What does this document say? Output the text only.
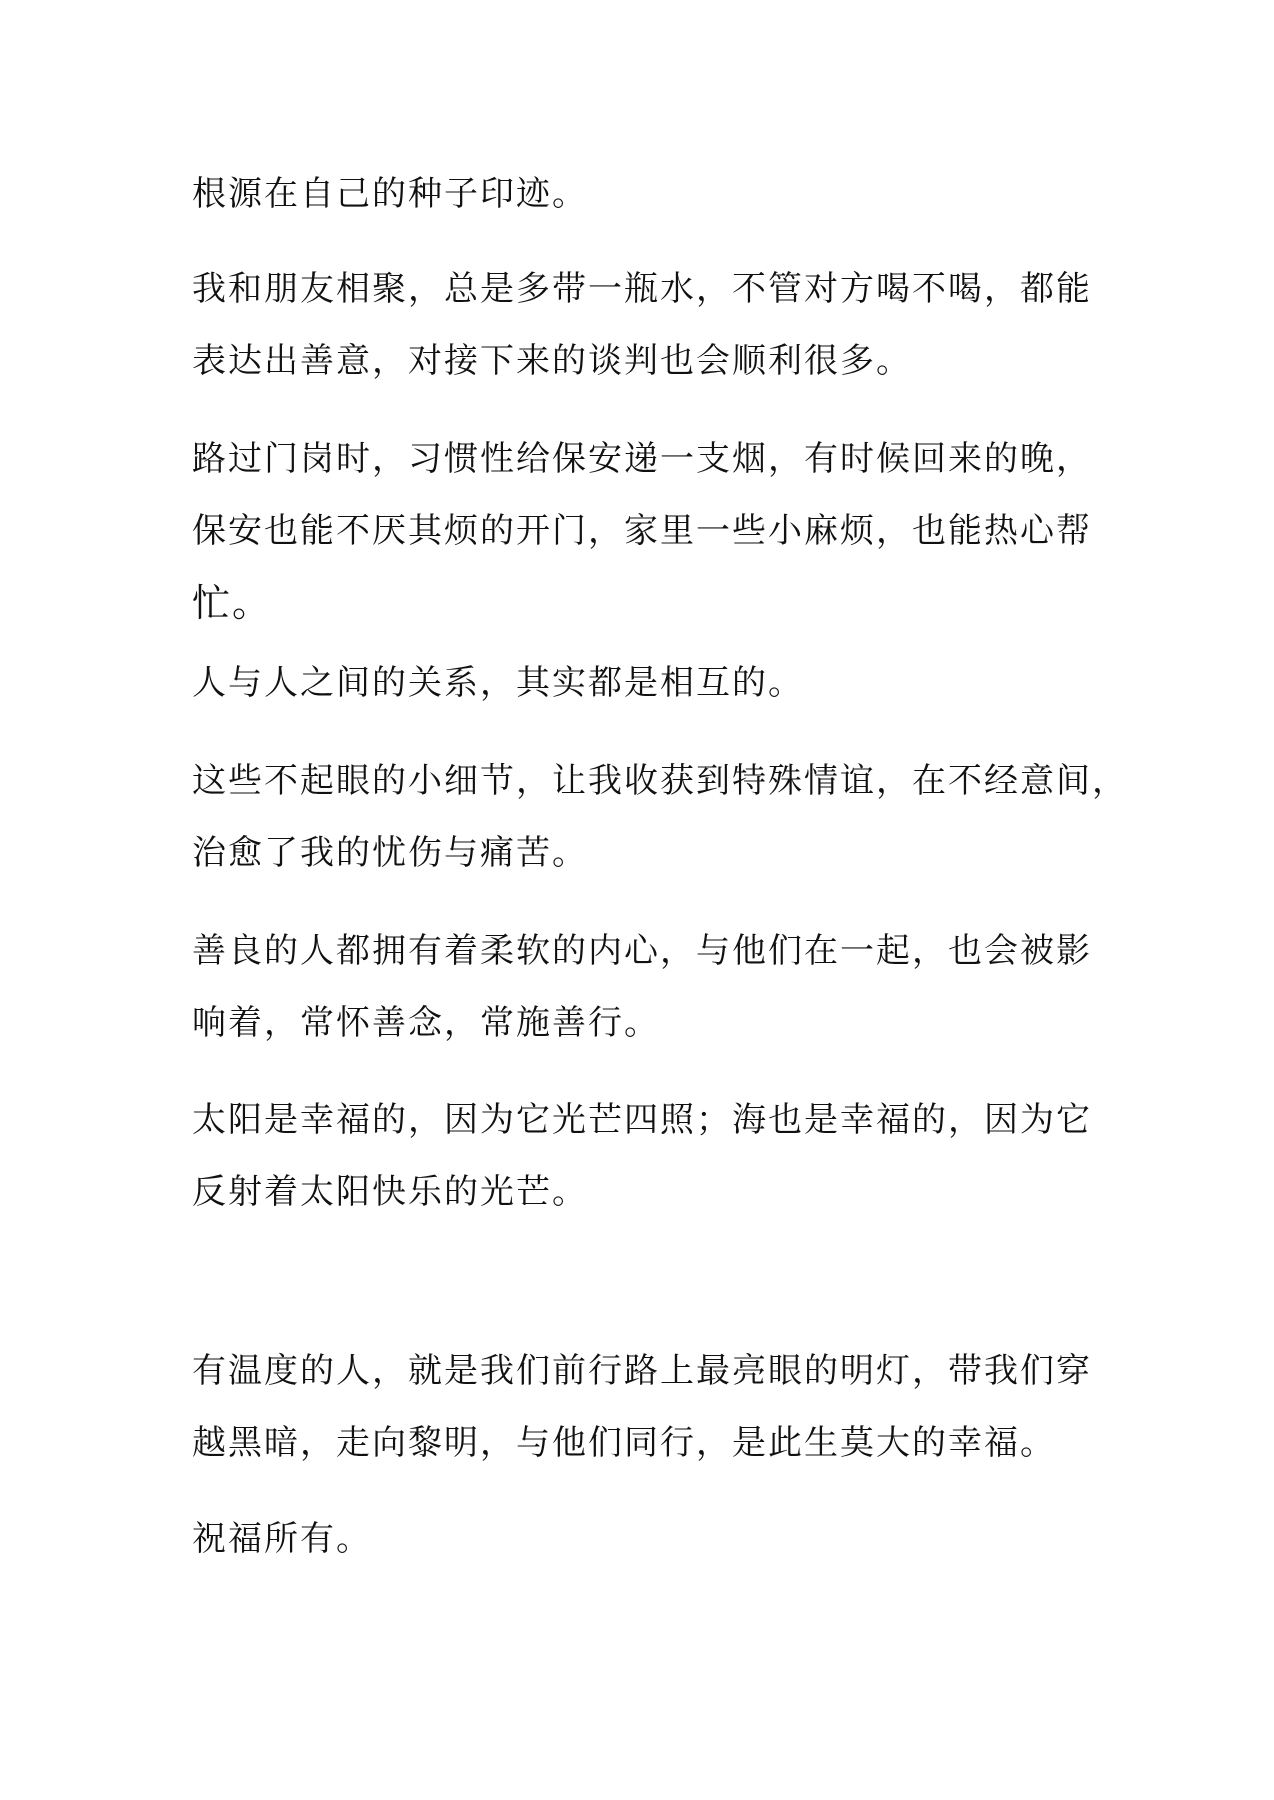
根源在自己的种子印迹。

我和朋友相聚，总是多带一瓶水，不管对方喝不喝，都能
表达出善意，对接下来的谈判也会顺利很多。

路过门岗时，习惯性给保安递一支烟，有时候回来的晚，
保安也能不厌其烦的开门，家里一些小麻烦，也能热心帮
忙。

人与人之间的关系，其实都是相互的。

这些不起眼的小细节，让我收获到特殊情谊，在不经意间，
治愈了我的忧伤与痛苦。

善良的人都拥有着柔软的内心，与他们在一起，也会被影
响着，常怀善念，常施善行。

太阳是幸福的，因为它光芒四照；海也是幸福的，因为它
反射着太阳快乐的光芒。

有温度的人，就是我们前行路上最亮眼的明灯，带我们穿
越黑暗，走向黎明，与他们同行，是此生莫大的幸福。

祝福所有。
